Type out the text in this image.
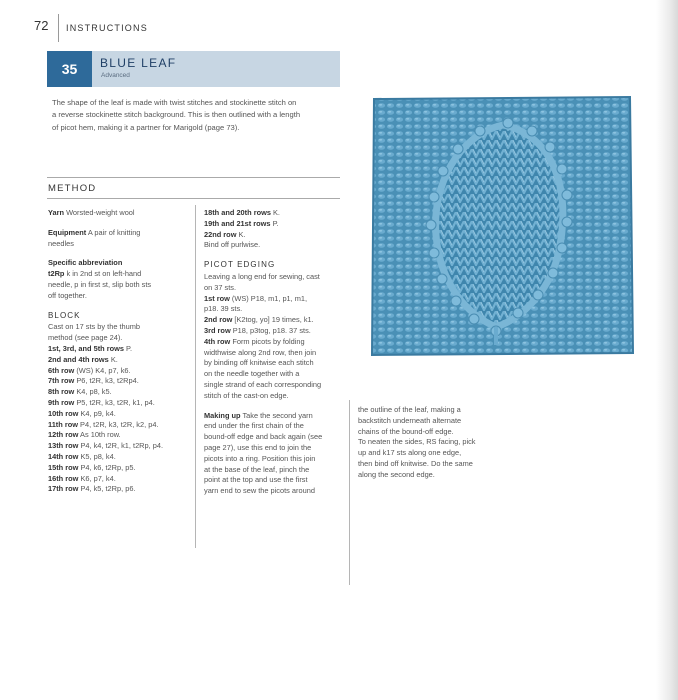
72 INSTRUCTIONS
35	BLUE LEAF
Advanced
The shape of the leaf is made with twist stitches and stockinette stitch on
a reverse stockinette stitch background. This is then outlined with a length
of picot hem, making it a partner for Marigold (page 73).
METHOD

Yarn Worsted-weight wool

Equipment A pair of knitting
needles

Specific abbreviation
t2Rp k in 2nd st on left-hand
needle, p in first st, slip both sts
off together.

BLOCK
Cast on 17 sts by the thumb
method (see page 24).
1st, 3rd, and 5th rows P.
2nd and 4th rows K.
6th row (WS) K4, p7, k6.
7th row P6, t2R, k3, t2Rp4.
8th row K4, p8, k5.
9th row P5, t2R, k3, t2R, k1, p4.
10th row K4, p9, k4.
11th row P4, t2R, k3, t2R, k2, p4.
12th row As 10th row.
13th row P4, k4, t2R, k1, t2Rp, p4.
14th row K5, p8, k4.
15th row P4, k6, t2Rp, p5.
16th row K6, p7, k4.
17th row P4, k5, t2Rp, p6.
18th and 20th rows K.
19th and 21st rows P.
22nd row K.

Bind off purlwise.

PICOT EDGING
Leaving a long end for sewing, cast
on 37 sts.
1st row (WS) P18, m1, p1, m1,
p18. 39 sts.
2nd row [K2tog, yo] 19 times, k1.
3rd row P18, p3tog, p18. 37 sts.
4th row Form picots by folding
widthwise along 2nd row, then join
by binding off knitwise each stitch
on the needle together with a
single strand of each corresponding

stitch of the cast-on edge.

Making up Take the second yarn
end under the first chain of the
bound-off edge and back again (see
page 27), use this end to join the
picots into a ring. Position this join
at the base of the leaf, pinch the
point at the top and use the first
yarn end to sew the picots around
the outline of the leaf, making a
backstitch underneath alternate
chains of the bound-off edge.
To neaten the sides, RS facing, pick
up and k17 sts along one edge,
then bind off knitwise. Do the same
along the second edge.
